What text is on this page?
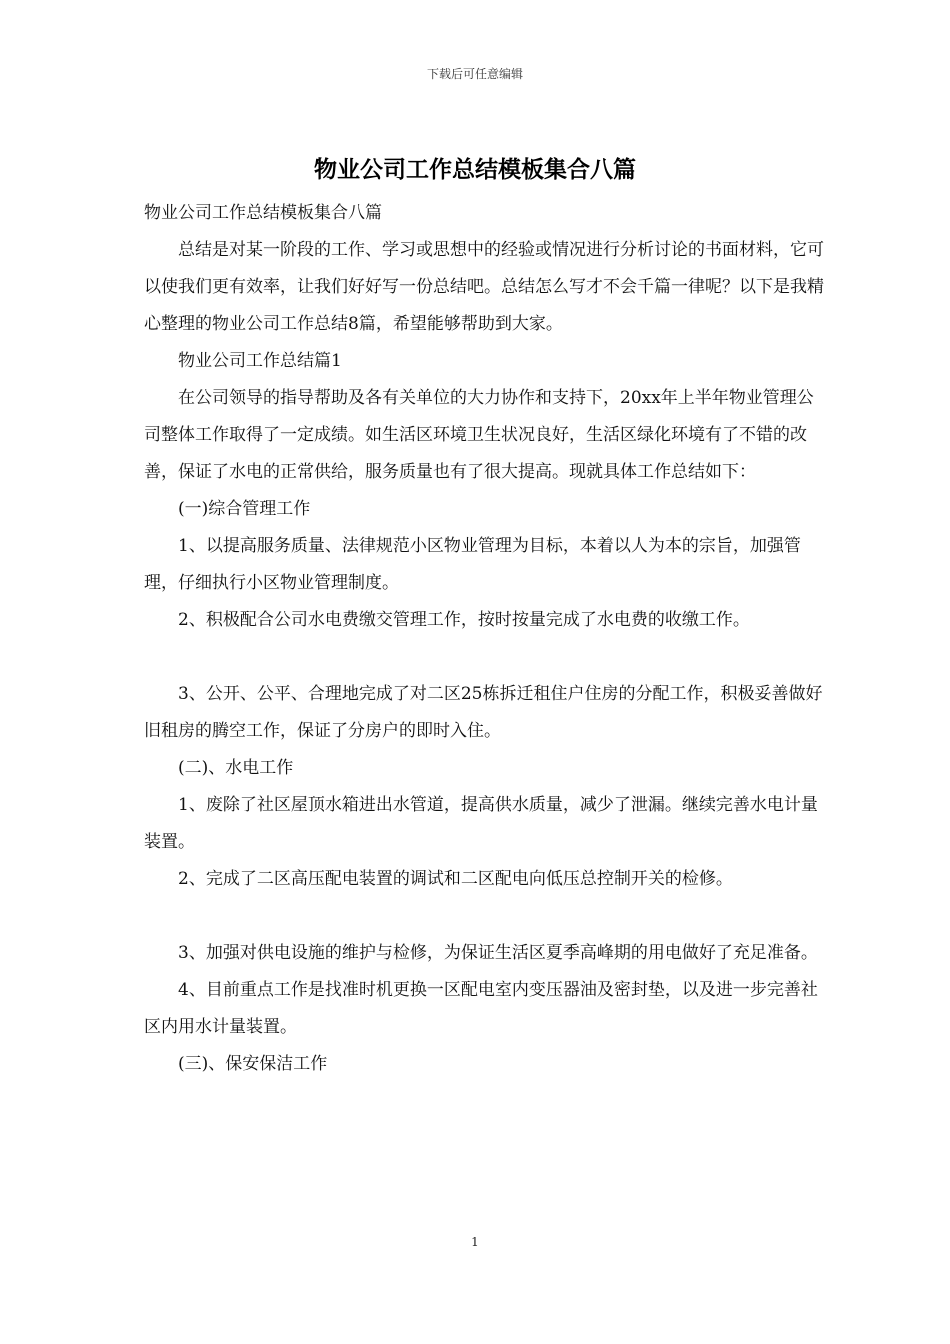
下载后可任意编辑
物业公司工作总结模板集合八篇

物业公司工作总结模板集合八篇

总结是对某一阶段的工作、学习或思想中的经验或情况进行分析讨论的书面材料，它可以使我们更有效率，让我们好好写一份总结吧。总结怎么写才不会千篇一律呢？以下是我精心整理的物业公司工作总结8篇，希望能够帮助到大家。

物业公司工作总结篇1

在公司领导的指导帮助及各有关单位的大力协作和支持下，20xx年上半年物业管理公司整体工作取得了一定成绩。如生活区环境卫生状况良好，生活区绿化环境有了不错的改善，保证了水电的正常供给，服务质量也有了很大提高。现就具体工作总结如下：

(一)综合管理工作

1、以提高服务质量、法律规范小区物业管理为目标，本着以人为本的宗旨，加强管理，仔细执行小区物业管理制度。

2、积极配合公司水电费缴交管理工作，按时按量完成了水电费的收缴工作。

3、公开、公平、合理地完成了对二区25栋拆迁租住户住房的分配工作，积极妥善做好旧租房的腾空工作，保证了分房户的即时入住。

(二)、水电工作

1、废除了社区屋顶水箱进出水管道，提高供水质量，减少了泄漏。继续完善水电计量装置。

2、完成了二区高压配电装置的调试和二区配电向低压总控制开关的检修。

3、加强对供电设施的维护与检修，为保证生活区夏季高峰期的用电做好了充足准备。

4、目前重点工作是找准时机更换一区配电室内变压器油及密封垫，以及进一步完善社区内用水计量装置。

(三)、保安保洁工作

1
